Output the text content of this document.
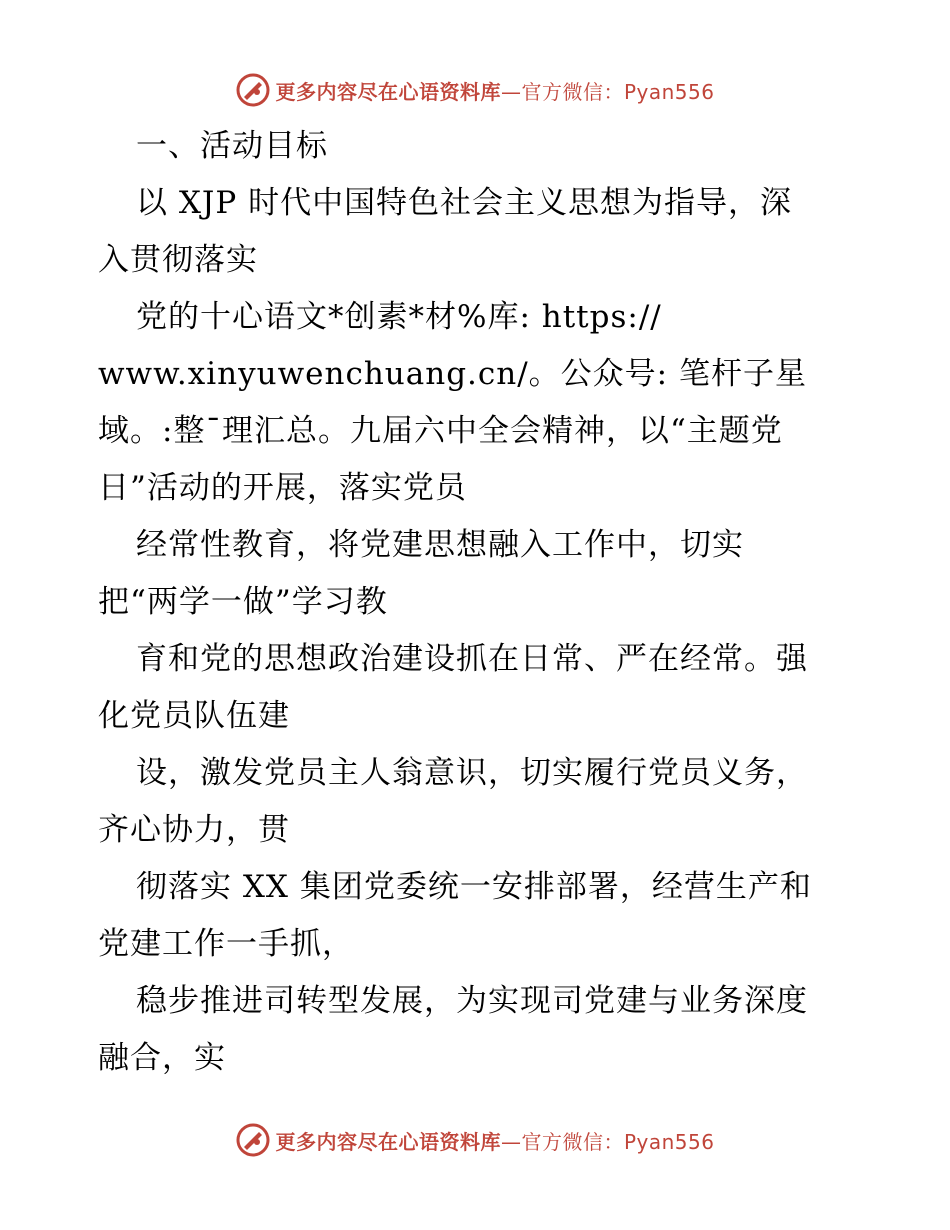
更多内容尽在心语资料库—官方微信：Pyan556
一、活动目标
以 XJP 时代中国特色社会主义思想为指导，深
入贯彻落实
党的十心语文*创素*材%库: https://
www.xinyuwenchuang.cn/。公众号: 笔杆子星
域。:整¯理汇总。九届六中全会精神，以“主题党
日”活动的开展，落实党员
经常性教育，将党建思想融入工作中，切实
把“两学一做”学习教
育和党的思想政治建设抓在日常、严在经常。强
化党员队伍建
设，激发党员主人翁意识，切实履行党员义务，
齐心协力，贯
彻落实 XX 集团党委统一安排部署，经营生产和
党建工作一手抓，
稳步推进司转型发展，为实现司党建与业务深度
融合，实
更多内容尽在心语资料库—官方微信：Pyan556
